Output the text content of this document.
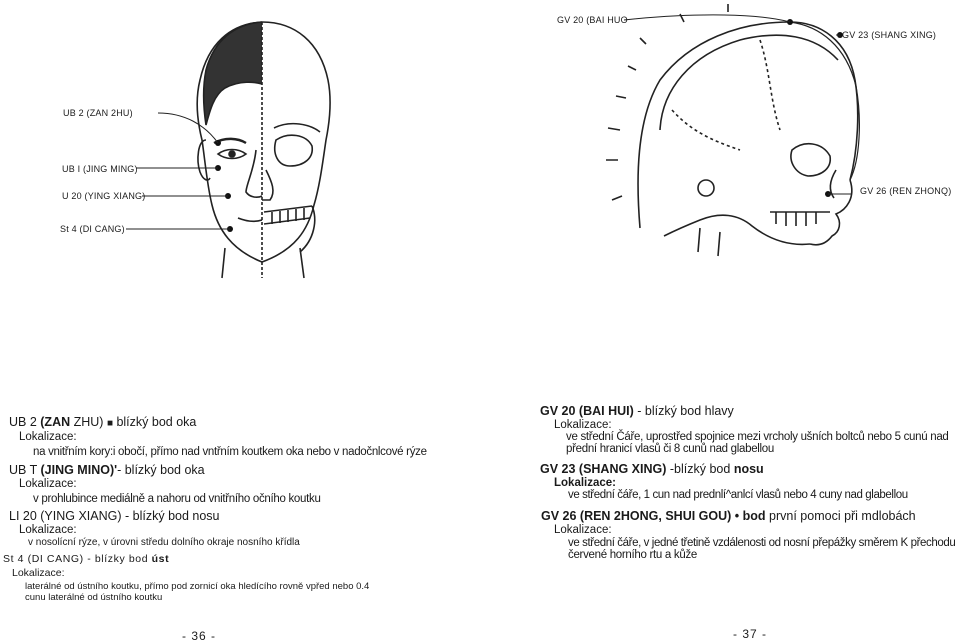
UB 2 (ZAN 2HU)
UB I (JING MING)
U 20 (YING XIANG)
St 4 (DI CANG)
GV 20 (BAI HUO
GV 23 (SHANG XING)
GV 26 (REN ZHONQ)
UB 2 (ZAN ZHU) ■ blízký bod oka
Lokalizace:
na vnitřním kory:i obočí, přímo nad vntřním koutkem oka nebo v nadočnlcové rýze
UB T (JING MINO)'- blízký bod oka
Lokalizace:
v prohlubince mediálně a nahoru od vnitřního očního koutku
LI 20 (YING XIANG) - blízký bod nosu
Lokalizace:
v nosolícní rýze, v úrovni středu dolního okraje nosního křídla
St 4 (DI CANG) - blízky bod úst
Lokalizace:
laterálné od ústního koutku, přímo pod zornicí oka hledícího rovně vpřed nebo 0.4
cunu laterálné od ústního koutku
GV 20 (BAI HUI) - blízký bod hlavy
Lokalizace:
ve střední Čáře, uprostřed spojnice mezi vrcholy ušních boltců nebo 5 cunú nad
přední hranicí vlasů či 8 cunů nad glabellou
GV 23 (SHANG XING) -blízký bod nosu
Lokalizace:
ve střední čáře, 1 cun nad prednlí^anlcí vlasů nebo 4 cuny nad glabellou
GV 26 (REN 2HONG, SHUI GOU) • bod první pomoci při mdlobách
Lokalizace:
ve střední čáře, v jedné třetině vzdálenosti od nosní přepážky směrem K přechodu
červené horního rtu a kůže
- 36 -	- 37 -
